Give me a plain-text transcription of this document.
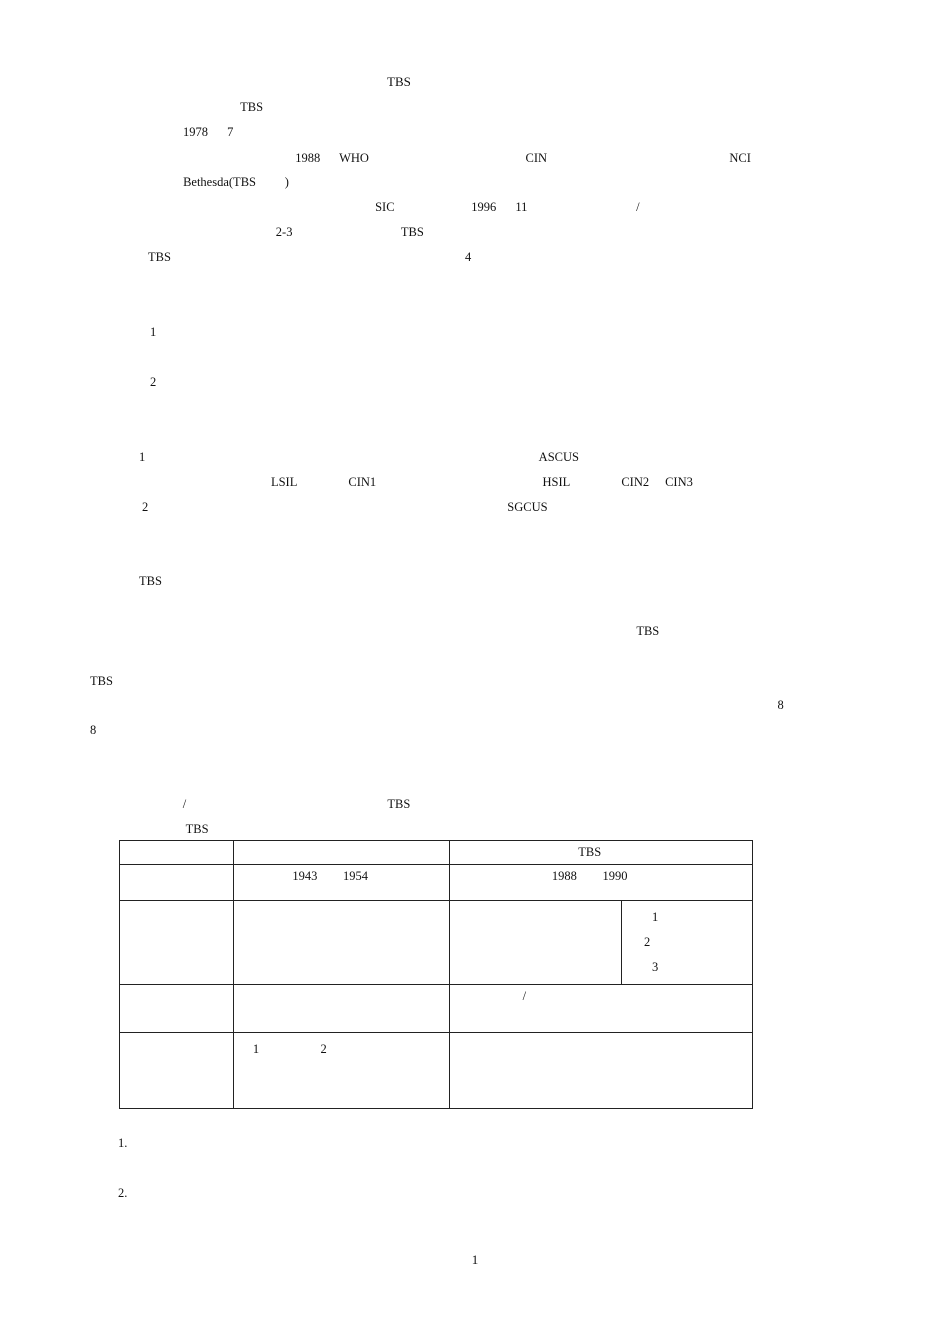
TBS                 
                           TBS           
1978    7                                  
                          1988    WHO                             CIN                                 NCI
       Bethesda(TBS     )                             
                                         SIC              1996    11                    /        
                        2-3                    TBS                       
TBS                                                      4    
                              
                 
1                                           
            
2                                           
          
             
1                                                                   ASCUS              
   LSIL          CIN1                              HSIL          CIN2   CIN3                  
2                                                            SGCUS       
                 
                                           
TBS                                                      
                                                            
                                                                                  TBS                
                                                             
TBS                                                            
                                                                                                          8     
8              
                                                
               
                 /                                     TBS 
               TBS        
	    	TBS   	
    	1943    1954   	1988    1990   	
   	    	    	1     
2      
3     

   	   	   /         	
   	  1       2     
        	             	
                   
1.                                            
                              
2.                                           
1
